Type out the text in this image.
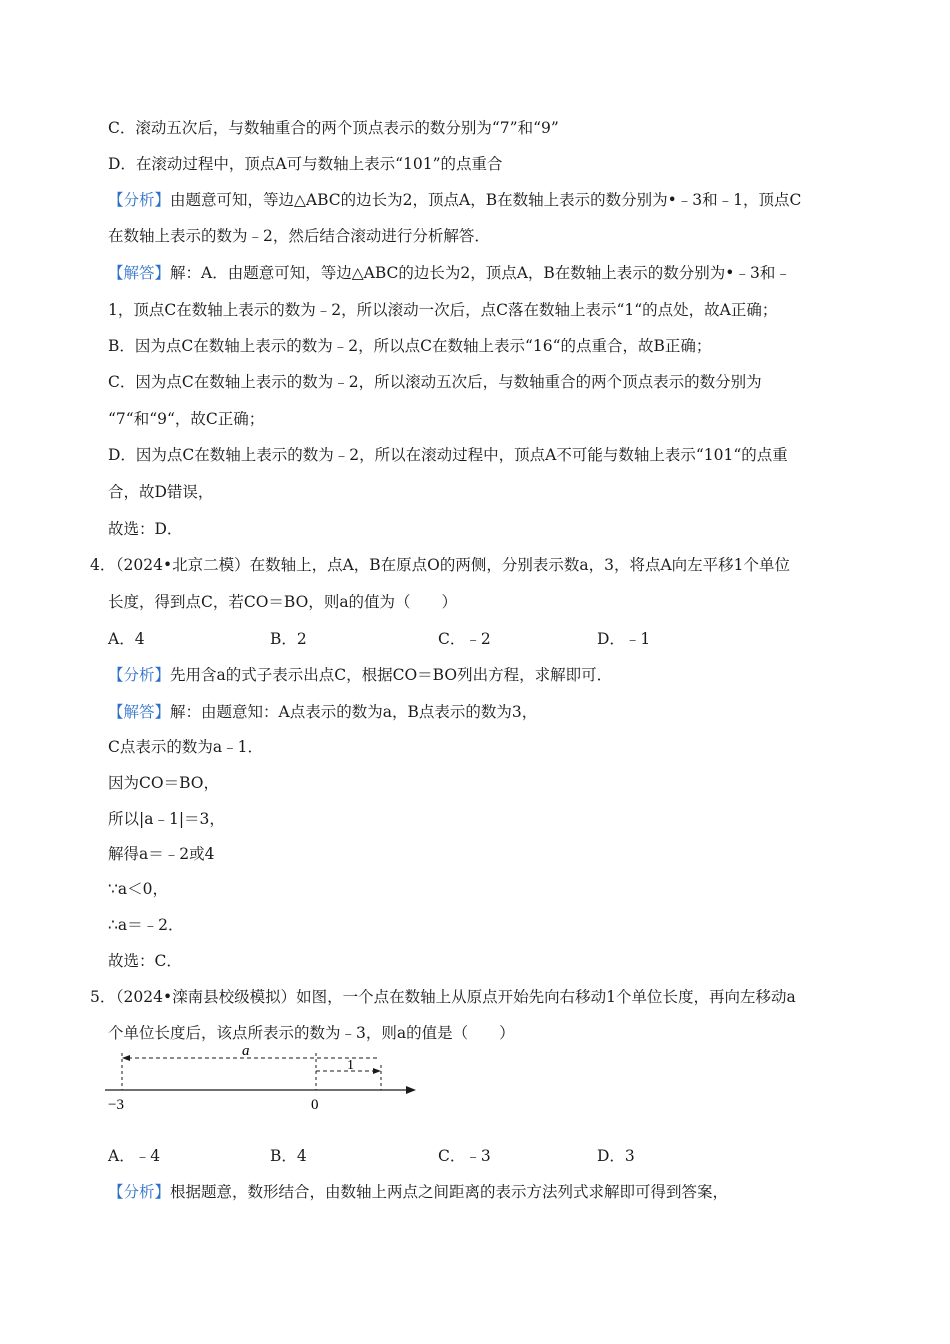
C．滚动五次后，与数轴重合的两个顶点表示的数分别为“7”和“9”
D．在滚动过程中，顶点A可与数轴上表示“101”的点重合
【分析】由题意可知，等边△ABC的边长为2，顶点A，B在数轴上表示的数分别为•﹣3和﹣1，顶点C
在数轴上表示的数为﹣2，然后结合滚动进行分析解答．
【解答】解：A．由题意可知，等边△ABC的边长为2，顶点A，B在数轴上表示的数分别为•﹣3和﹣
1，顶点C在数轴上表示的数为﹣2，所以滚动一次后，点C落在数轴上表示“1“的点处，故A正确；
B．因为点C在数轴上表示的数为﹣2，所以点C在数轴上表示“16“的点重合，故B正确；
C．因为点C在数轴上表示的数为﹣2，所以滚动五次后，与数轴重合的两个顶点表示的数分别为
“7“和“9“，故C正确；
D．因为点C在数轴上表示的数为﹣2，所以在滚动过程中，顶点A不可能与数轴上表示“101“的点重
合，故D错误，
故选：D．
4．
（2024•北京二模）在数轴上，点A，B在原点O的两侧，分别表示数a，3，将点A向左平移1个单位
长度，得到点C，若CO＝BO，则a的值为（　　）
A．4	B．2	C．﹣2	D．﹣1
【分析】先用含a的式子表示出点C，根据CO＝BO列出方程，求解即可．
【解答】解：由题意知：A点表示的数为a，B点表示的数为3，
C点表示的数为a﹣1．
因为CO＝BO，
所以|a﹣1|＝3，
解得a＝﹣2或4
∵a＜0，
∴a＝﹣2．
故选：C．
5．
（2024•滦南县校级模拟）如图，一个点在数轴上从原点开始先向右移动1个单位长度，再向左移动a
个单位长度后，该点所表示的数为﹣3，则a的值是（　　）
a
1
−3	0
A．﹣4	B．4	C．﹣3	D．3
【分析】根据题意，数形结合，由数轴上两点之间距离的表示方法列式求解即可得到答案，
